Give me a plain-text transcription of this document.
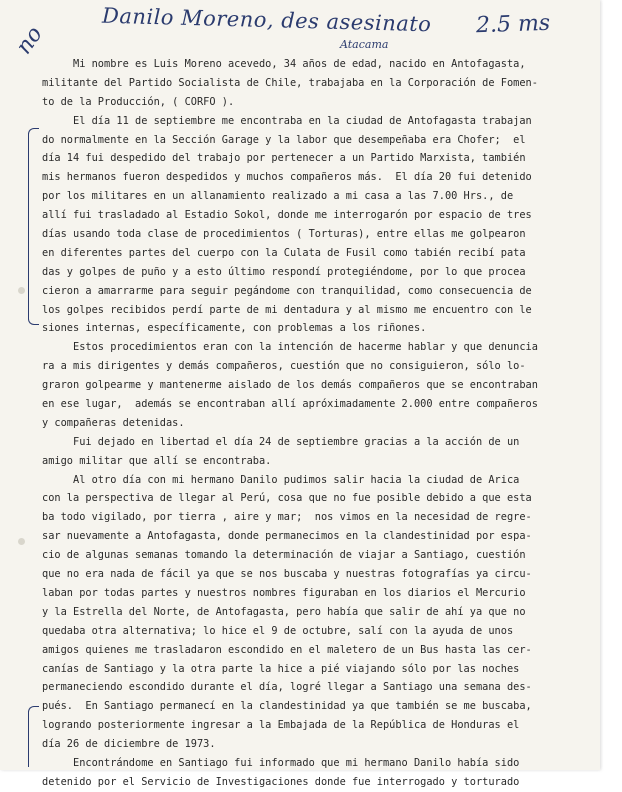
Danilo Moreno, des asesinato 2.5 ms
no	Atacama

Mi nombre es Luis Moreno acevedo, 34 años de edad, nacido en Antofagasta,
militante del Partido Socialista de Chile, trabajaba en la Corporación de Fomen-
to de la Producción, ( CORFO ).

El día 11 de septiembre me encontraba en la ciudad de Antofagasta trabajan
do normalmente en la Sección Garage y la labor que desempeñaba era Chofer;  el
día 14 fui despedido del trabajo por pertenecer a un Partido Marxista, también
mis hermanos fueron despedidos y muchos compañeros más.  El día 20 fui detenido
por los militares en un allanamiento realizado a mi casa a las 7.00 Hrs., de
allí fui trasladado al Estadio Sokol, donde me interrogarón por espacio de tres
días usando toda clase de procedimientos ( Torturas), entre ellas me golpearon
en diferentes partes del cuerpo con la Culata de Fusil como tabién recibí pata
das y golpes de puño y a esto último respondí protegiéndome, por lo que procea
cieron a amarrarme para seguir pegándome con tranquilidad, como consecuencia de
los golpes recibidos perdí parte de mi dentadura y al mismo me encuentro con le
siones internas, específicamente, con problemas a los riñones.

Estos procedimientos eran con la intención de hacerme hablar y que denuncia
ra a mis dirigentes y demás compañeros, cuestión que no consiguieron, sólo lo-
graron golpearme y mantenerme aislado de los demás compañeros que se encontraban
en ese lugar,  además se encontraban allí apróximadamente 2.000 entre compañeros
y compañeras detenidas.

Fui dejado en libertad el día 24 de septiembre gracias a la acción de un
amigo militar que allí se encontraba.

Al otro día con mi hermano Danilo pudimos salir hacia la ciudad de Arica
con la perspectiva de llegar al Perú, cosa que no fue posible debido a que esta
ba todo vigilado, por tierra , aire y mar;  nos vimos en la necesidad de regre-
sar nuevamente a Antofagasta, donde permanecimos en la clandestinidad por espa-
cio de algunas semanas tomando la determinación de viajar a Santiago, cuestión
que no era nada de fácil ya que se nos buscaba y nuestras fotografías ya circu-
laban por todas partes y nuestros nombres figuraban en los diarios el Mercurio
y la Estrella del Norte, de Antofagasta, pero había que salir de ahí ya que no
quedaba otra alternativa; lo hice el 9 de octubre, salí con la ayuda de unos
amigos quienes me trasladaron escondido en el maletero de un Bus hasta las cer-
canías de Santiago y la otra parte la hice a pié viajando sólo por las noches
permaneciendo escondido durante el día, logré llegar a Santiago una semana des-
pués.  En Santiago permanecí en la clandestinidad ya que también se me buscaba,
logrando posteriormente ingresar a la Embajada de la República de Honduras el
día 26 de diciembre de 1973.

Encontrándome en Santiago fui informado que mi hermano Danilo había sido
detenido por el Servicio de Investigaciones donde fue interrogado y torturado
